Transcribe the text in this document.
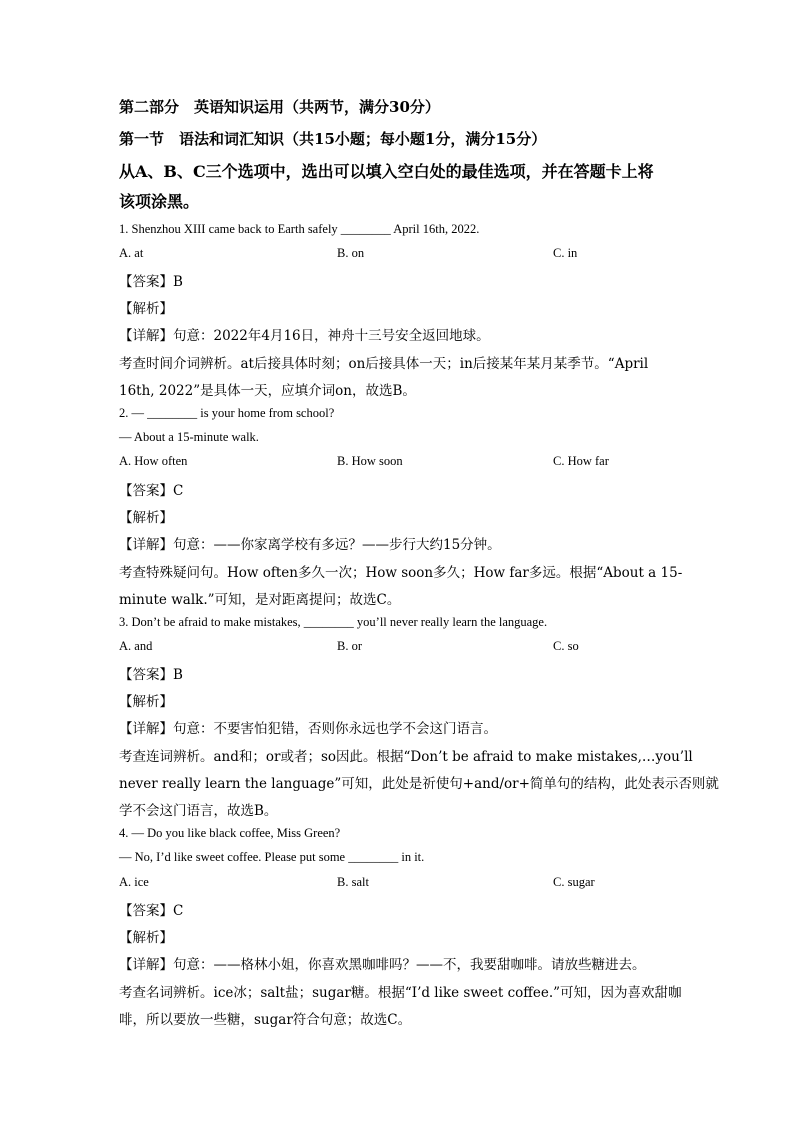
第二部分　英语知识运用（共两节，满分30分）
第一节　语法和词汇知识（共15小题；每小题1分，满分15分）
从A、B、C三个选项中，选出可以填入空白处的最佳选项，并在答题卡上将
该项涂黑。
1. Shenzhou XIII came back to Earth safely ________ April 16th, 2022.
A. at	B. on	C. in
【答案】B
【解析】
【详解】句意：2022年4月16日，神舟十三号安全返回地球。
考查时间介词辨析。at后接具体时刻；on后接具体一天；in后接某年某月某季节。“April
16th, 2022”是具体一天，应填介词on，故选B。
2. — ________ is your home from school?
— About a 15-minute walk.
A. How often	B. How soon	C. How far
【答案】C
【解析】
【详解】句意：——你家离学校有多远？——步行大约15分钟。
考查特殊疑问句。How often多久一次；How soon多久；How far多远。根据“About a 15-
minute walk.”可知，是对距离提问；故选C。
3. Don’t be afraid to make mistakes, ________ you’ll never really learn the language.
A. and	B. or	C. so
【答案】B
【解析】
【详解】句意：不要害怕犯错，否则你永远也学不会这门语言。
考查连词辨析。and和；or或者；so因此。根据“Don’t be afraid to make mistakes,…you’ll
never really learn the language”可知，此处是祈使句+and/or+简单句的结构，此处表示否则就
学不会这门语言，故选B。
4. — Do you like black coffee, Miss Green?
— No, I’d like sweet coffee. Please put some ________ in it.
A. ice	B. salt	C. sugar
【答案】C
【解析】
【详解】句意：——格林小姐，你喜欢黑咖啡吗？——不，我要甜咖啡。请放些糖进去。
考查名词辨析。ice冰；salt盐；sugar糖。根据“I’d like sweet coffee.”可知，因为喜欢甜咖
啡，所以要放一些糖，sugar符合句意；故选C。
